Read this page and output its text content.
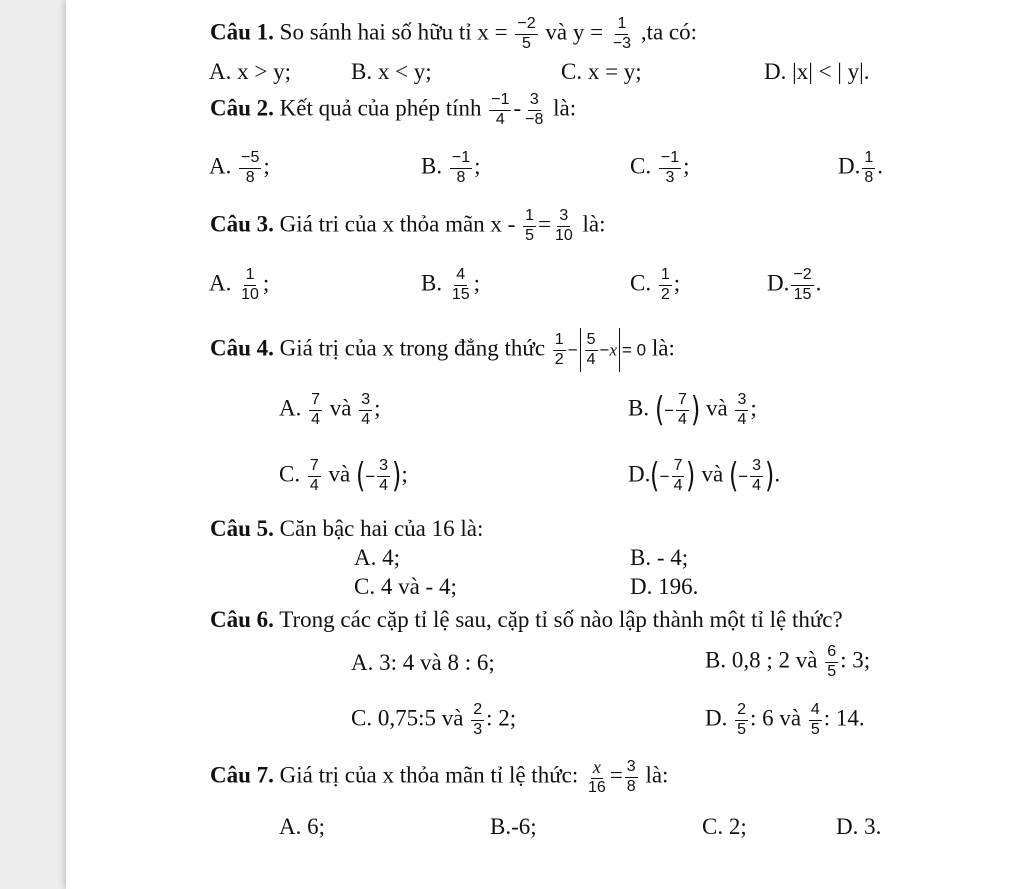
Câu 1. So sánh hai số hữu tỉ $x = \frac{-2}{5}$ và $y = \frac{1}{-3} ,ta$ có:
A. x > y;	B. x < y;	C. x = y;	D. |x| < | y|.
Câu 2. Kết quả của phép tính $\frac{-1}{4} - \frac{3}{-8}$ là:
A. $\frac{-5}{8}$ ;	B. $\frac{-1}{8}$ ;	C. $\frac{-1}{3}$ ;	D. $\frac{1}{8}$ .
Câu 3. Giá tri của x thỏa mãn $x - \frac{1}{5} = \frac{3}{10}$ là:
A. $\frac{1}{10}$ ;	B. $\frac{4}{15}$ ;	C. $\frac{1}{2}$ ;	D. $\frac{-2}{15}$ .
Câu 4. Giá trị của x trong đẳng thức $\frac{1}{2} - \frac{5}{4} -x = 0$ là:
A. $\frac{7}{4}$ và $\frac{3}{4}$ ;	B. (− $\frac{7}{4}$ ) và $\frac{3}{4}$ ;
C. $\frac{7}{4}$ và (− $\frac{3}{4}$ );	$D.(- \frac{7}{4}$ ) và (− $\frac{3}{4}$ ).
Câu 5. Căn bậc hai của 16 là:
A. 4;	B. - 4;
C. 4 và - 4;	D. 196.
Câu 6. Trong các cặp tỉ lệ sau, cặp tỉ số nào lập thành một tỉ lệ thức?
A. 3: 4 và 8 : 6;	B. 0,8 ; 2 và $\frac{6}{5}$ : 3;
C. 0,75:5 và $\frac{2}{3}$ : 2;	D. $\frac{2}{5}$ : 6 và $\frac{4}{5}$ : 14.
Câu 7. Giá trị của x thỏa mãn tỉ lệ thức: $\frac{x}{16} = \frac{3}{8}$ là:
A. 6;	B.-6;	C. 2;	D. 3.
